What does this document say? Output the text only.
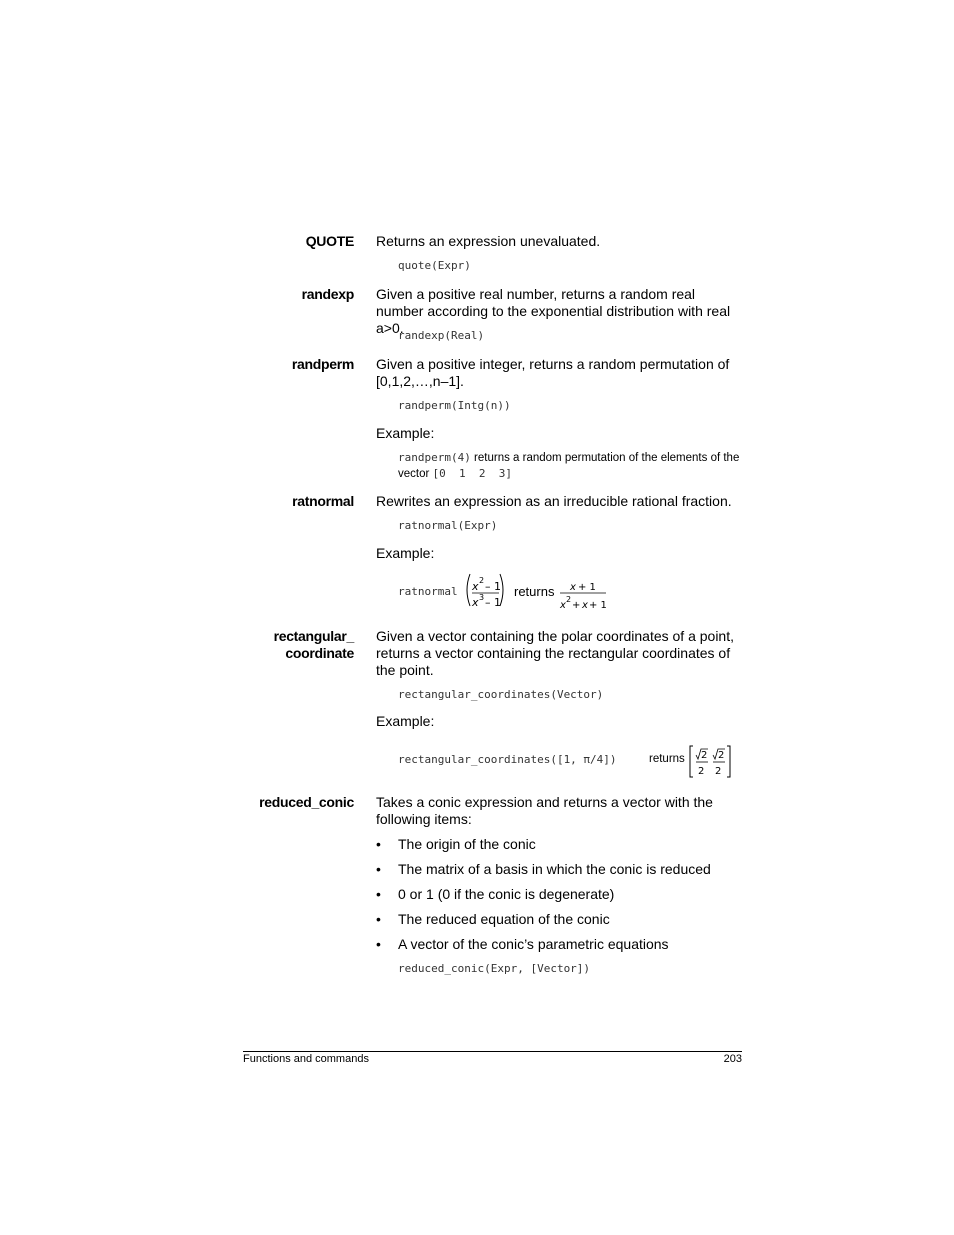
QUOTE Returns an expression unevaluated.
quote(Expr)
randexp Given a positive real number, returns a random real number according to the exponential distribution with real a>0.
randexp(Real)
randperm Given a positive integer, returns a random permutation of [0,1,2,…,n–1].
randperm(Intg(n))
Example:
randperm(4) returns a random permutation of the elements of the vector [0  1  2  3]
ratnormal Rewrites an expression as an irreducible rational fraction.
ratnormal(Expr)
Example:
ratnormal x 2 – 1
x 3 – 1
returns x + 1
x
2
+ x + 1
rectangular_
coordinate
Given a vector containing the polar coordinates of a point, returns a vector containing the rectangular coordinates of the point.
rectangular_coordinates(Vector)
Example:
rectangular_coordinates([1, π/4])	returns 2
2
2
2
reduced_conic Takes a conic expression and returns a vector with the following items:
•	The origin of the conic
•	The matrix of a basis in which the conic is reduced
•	0 or 1 (0 if the conic is degenerate)
•	The reduced equation of the conic
•	A vector of the conic’s parametric equations
reduced_conic(Expr, [Vector])
Functions and commands	203
